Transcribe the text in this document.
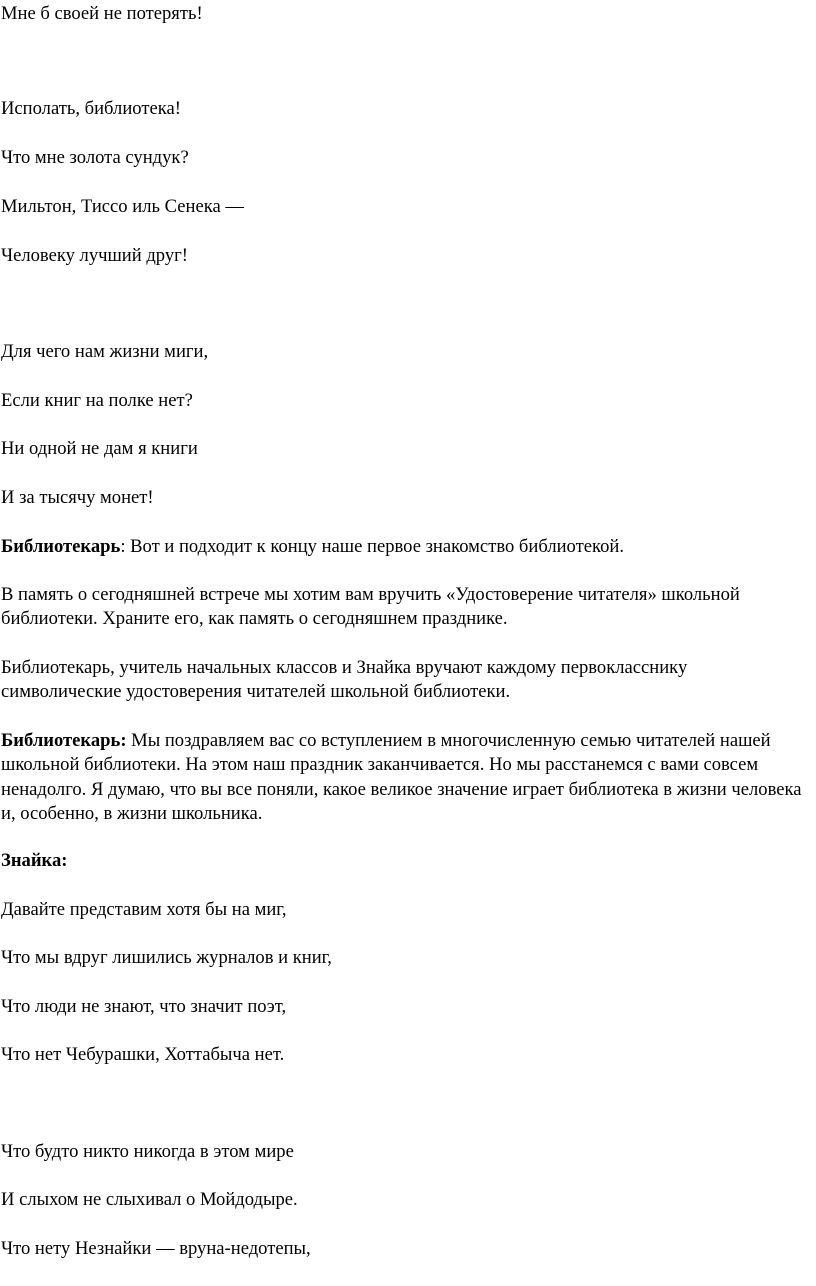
Мне б своей не потерять!
Исполать, библиотека!
Что мне золота сундук?
Мильтон, Тиссо иль Сенека —
Человеку лучший друг!
Для чего нам жизни миги,
Если книг на полке нет?
Ни одной не дам я книги
И за тысячу монет!
Библиотекарь: Вот и подходит к концу наше первое знакомство библиотекой.
В память о сегодняшней встрече мы хотим вам вручить «Удостоверение читателя» школьной библиотеки. Храните его, как память о сегодняшнем празднике.
Библиотекарь, учитель начальных классов и Знайка вручают каждому первокласснику символические удостоверения читателей школьной библиотеки.
Библиотекарь: Мы поздравляем вас со вступлением в многочисленную семью читателей нашей школьной библиотеки. На этом наш праздник заканчивается. Но мы расстанемся с вами совсем ненадолго. Я думаю, что вы все поняли, какое великое значение играет библиотека в жизни человека и, особенно, в жизни школьника.
Знайка:
Давайте представим хотя бы на миг,
Что мы вдруг лишились журналов и книг,
Что люди не знают, что значит поэт,
Что нет Чебурашки, Хоттабыча нет.
Что будто никто никогда в этом мире
И слыхом не слыхивал о Мойдодыре.
Что нету Незнайки — вруна-недотепы,
